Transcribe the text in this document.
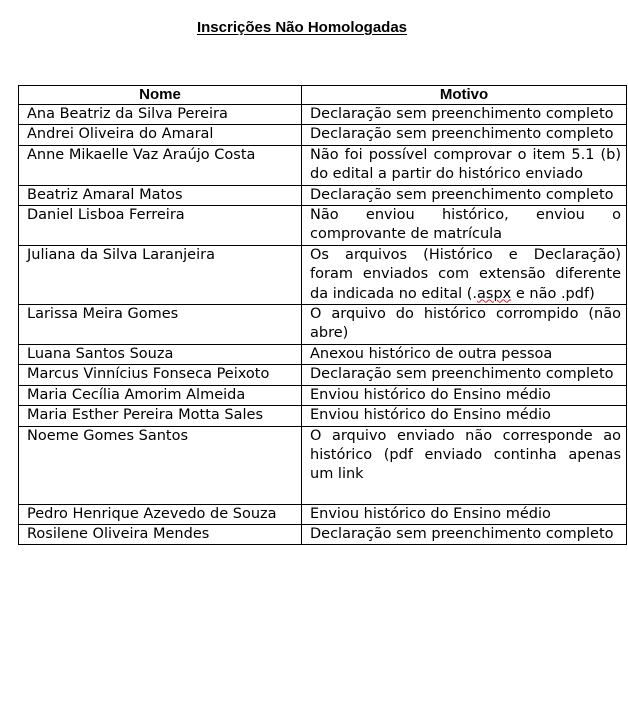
Inscrições Não Homologadas
Nome	Motivo
Ana Beatriz da Silva Pereira	Declaração sem preenchimento completo
Andrei Oliveira do Amaral	Declaração sem preenchimento completo
Anne Mikaelle Vaz Araújo Costa	Não foi possível comprovar o item 5.1 (b) do edital a partir do histórico enviado
Beatriz Amaral Matos	Declaração sem preenchimento completo
Daniel Lisboa Ferreira	Não enviou histórico, enviou o comprovante de matrícula
Juliana da Silva Laranjeira	Os arquivos (Histórico e Declaração) foram enviados com extensão diferente da indicada no edital (.aspx e não .pdf)
Larissa Meira Gomes	O arquivo do histórico corrompido (não abre)
Luana Santos Souza	Anexou histórico de outra pessoa
Marcus Vinnícius Fonseca Peixoto	Declaração sem preenchimento completo
Maria Cecília Amorim Almeida	Enviou histórico do Ensino médio
Maria Esther Pereira Motta Sales	Enviou histórico do Ensino médio
Noeme Gomes Santos	O arquivo enviado não corresponde ao histórico (pdf enviado continha apenas um link
Pedro Henrique Azevedo de Souza	Enviou histórico do Ensino médio
Rosilene Oliveira Mendes	Declaração sem preenchimento completo
